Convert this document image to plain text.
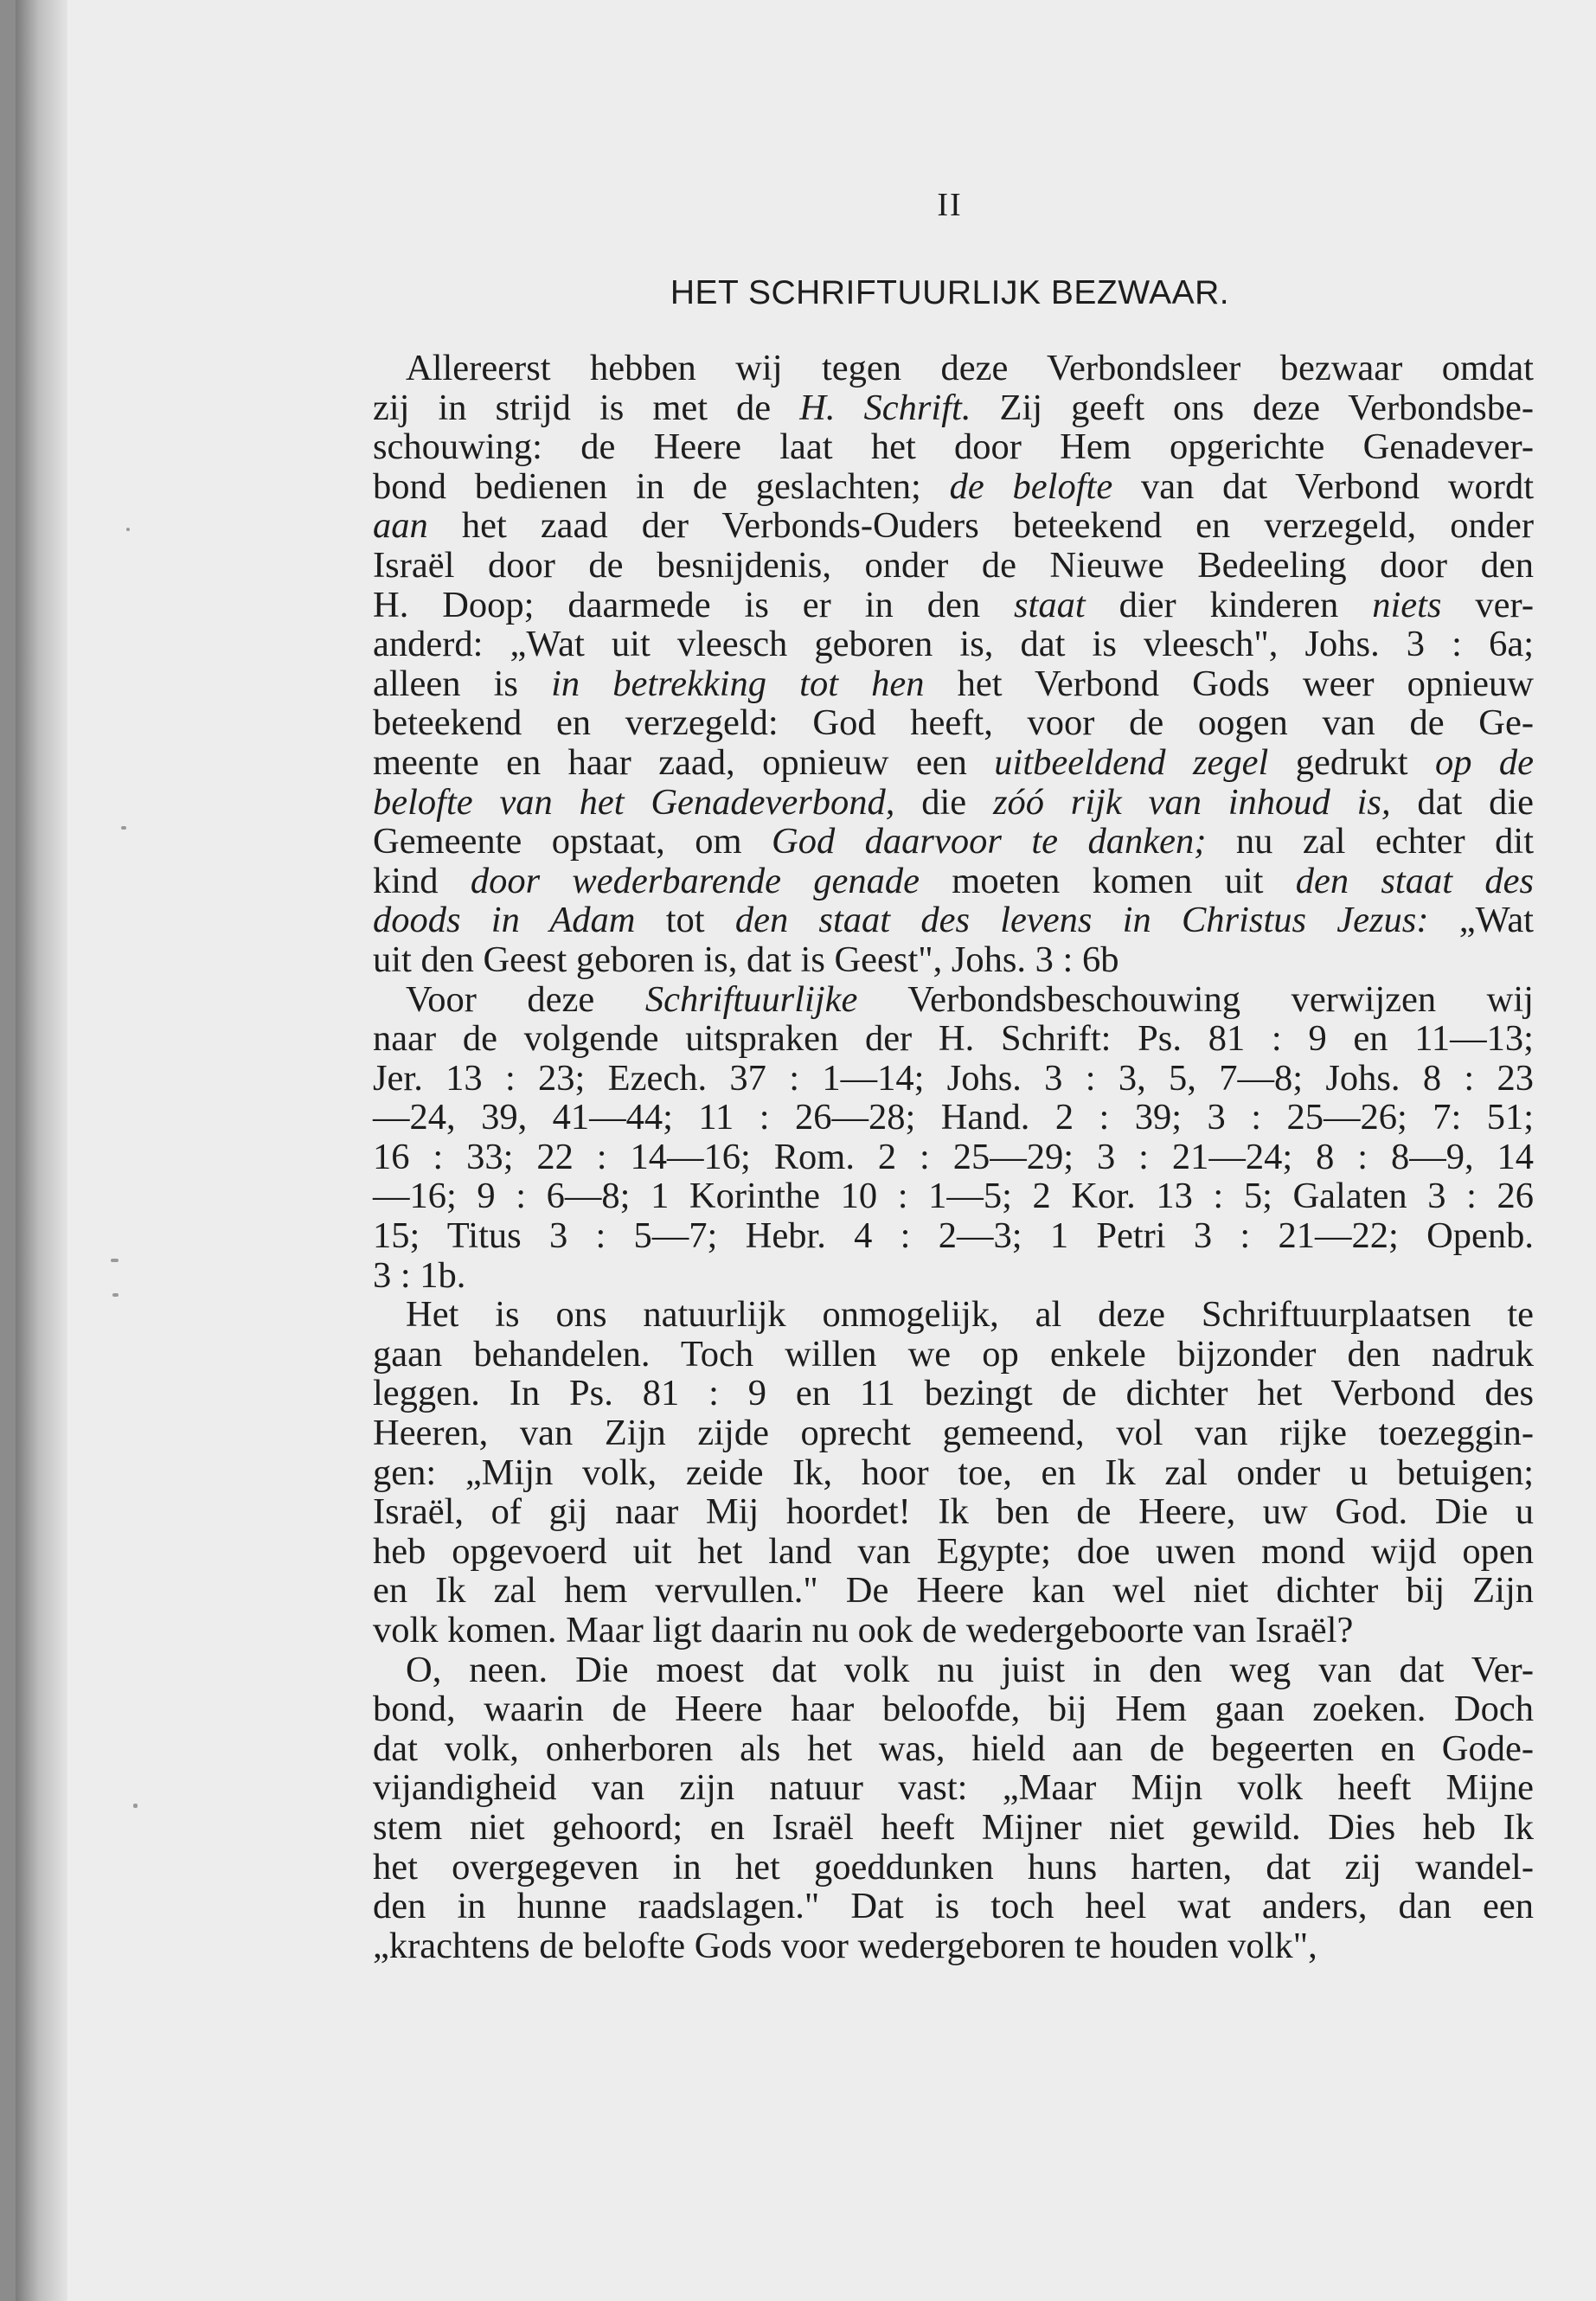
II
HET SCHRIFTUURLIJK BEZWAAR.
Allereerst hebben wij tegen deze Verbondsleer bezwaar omdat
zij in strijd is met de H. Schrift. Zij geeft ons deze Verbondsbe-
schouwing: de Heere laat het door Hem opgerichte Genadever-
bond bedienen in de geslachten; de belofte van dat Verbond wordt
aan het zaad der Verbonds-Ouders beteekend en verzegeld, onder
Israël door de besnijdenis, onder de Nieuwe Bedeeling door den
H. Doop; daarmede is er in den staat dier kinderen niets ver-
anderd: „Wat uit vleesch geboren is, dat is vleesch", Johs. 3 : 6a;
alleen is in betrekking tot hen het Verbond Gods weer opnieuw
beteekend en verzegeld: God heeft, voor de oogen van de Ge-
meente en haar zaad, opnieuw een uitbeeldend zegel gedrukt op de
belofte van het Genadeverbond, die zóó rijk van inhoud is, dat die
Gemeente opstaat, om God daarvoor te danken; nu zal echter dit
kind door wederbarende genade moeten komen uit den staat des
doods in Adam tot den staat des levens in Christus Jezus: „Wat
uit den Geest geboren is, dat is Geest", Johs. 3 : 6b
Voor deze Schriftuurlijke Verbondsbeschouwing verwijzen wij
naar de volgende uitspraken der H. Schrift: Ps. 81 : 9 en 11—13;
Jer. 13 : 23; Ezech. 37 : 1—14; Johs. 3 : 3, 5, 7—8; Johs. 8 : 23
—24, 39, 41—44; 11 : 26—28; Hand. 2 : 39; 3 : 25—26; 7: 51;
16 : 33; 22 : 14—16; Rom. 2 : 25—29; 3 : 21—24; 8 : 8—9, 14
—16; 9 : 6—8; 1 Korinthe 10 : 1—5; 2 Kor. 13 : 5; Galaten 3 : 26
15; Titus 3 : 5—7; Hebr. 4 : 2—3; 1 Petri 3 : 21—22; Openb.
3 : 1b.
Het is ons natuurlijk onmogelijk, al deze Schriftuurplaatsen te
gaan behandelen. Toch willen we op enkele bijzonder den nadruk
leggen. In Ps. 81 : 9 en 11 bezingt de dichter het Verbond des
Heeren, van Zijn zijde oprecht gemeend, vol van rijke toezeggin-
gen: „Mijn volk, zeide Ik, hoor toe, en Ik zal onder u betuigen;
Israël, of gij naar Mij hoordet! Ik ben de Heere, uw God. Die u
heb opgevoerd uit het land van Egypte; doe uwen mond wijd open
en Ik zal hem vervullen." De Heere kan wel niet dichter bij Zijn
volk komen. Maar ligt daarin nu ook de wedergeboorte van Israël?
O, neen. Die moest dat volk nu juist in den weg van dat Ver-
bond, waarin de Heere haar beloofde, bij Hem gaan zoeken. Doch
dat volk, onherboren als het was, hield aan de begeerten en Gode-
vijandigheid van zijn natuur vast: „Maar Mijn volk heeft Mijne
stem niet gehoord; en Israël heeft Mijner niet gewild. Dies heb Ik
het overgegeven in het goeddunken huns harten, dat zij wandel-
den in hunne raadslagen." Dat is toch heel wat anders, dan een
„krachtens de belofte Gods voor wedergeboren te houden volk",
